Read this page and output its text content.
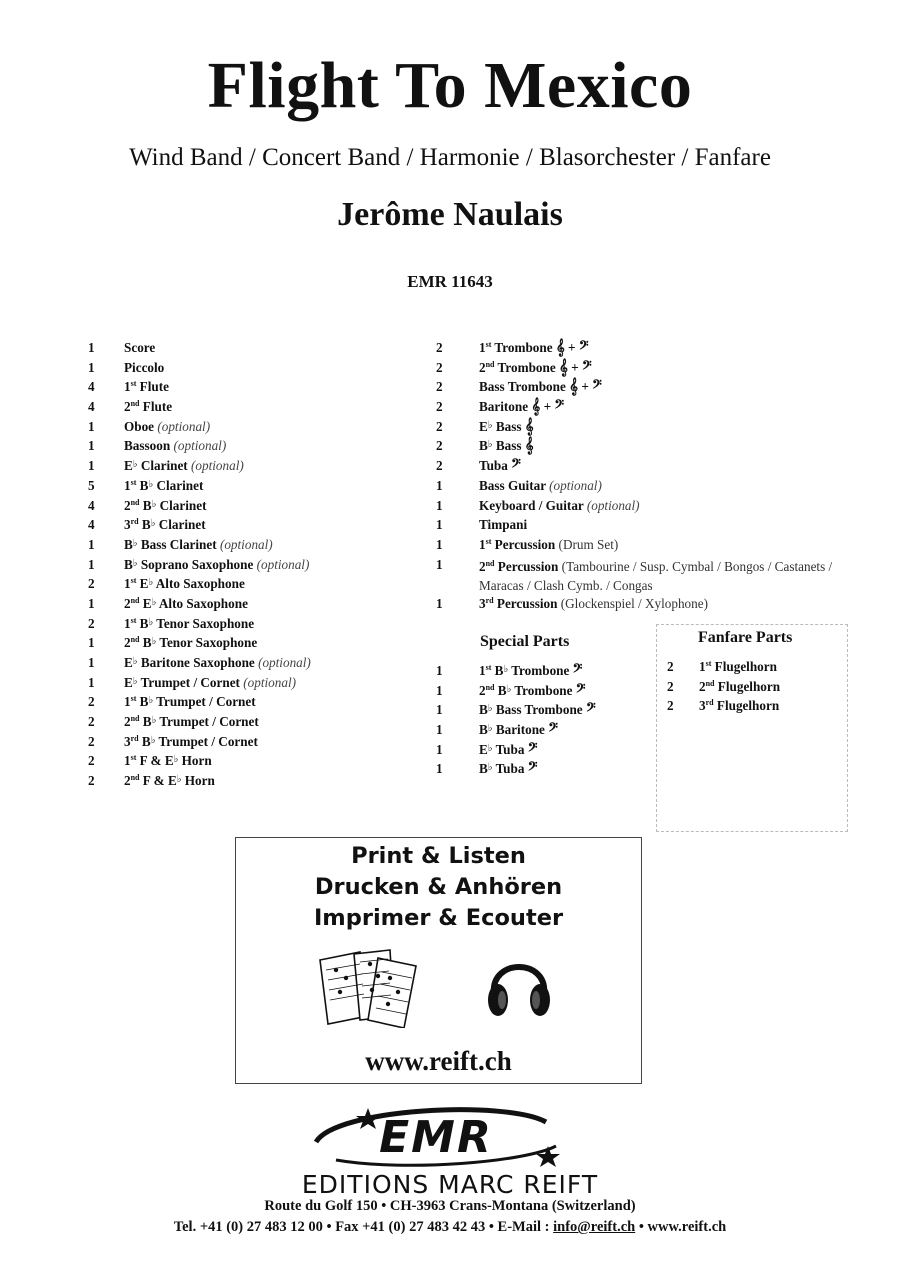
Flight To Mexico
Wind Band / Concert Band / Harmonie / Blasorchester / Fanfare
Jerôme Naulais
EMR 11643
1 Score
1 Piccolo
4 1st Flute
4 2nd Flute
1 Oboe (optional)
1 Bassoon (optional)
1 E♭ Clarinet (optional)
5 1st B♭ Clarinet
4 2nd B♭ Clarinet
4 3rd B♭ Clarinet
1 B♭ Bass Clarinet (optional)
1 B♭ Soprano Saxophone (optional)
2 1st E♭ Alto Saxophone
1 2nd E♭ Alto Saxophone
2 1st B♭ Tenor Saxophone
1 2nd B♭ Tenor Saxophone
1 E♭ Baritone Saxophone (optional)
1 E♭ Trumpet / Cornet (optional)
2 1st B♭ Trumpet / Cornet
2 2nd B♭ Trumpet / Cornet
2 3rd B♭ Trumpet / Cornet
2 1st F & E♭ Horn
2 2nd F & E♭ Horn
2	1st Trombone 𝄞 + 𝄢
2	2nd Trombone 𝄞 + 𝄢
2	Bass Trombone 𝄞 + 𝄢
2	Baritone 𝄞 + 𝄢
2	E♭ Bass 𝄞
2	B♭ Bass 𝄞
2	Tuba 𝄢
1	Bass Guitar (optional)
1	Keyboard / Guitar (optional)
1	Timpani
1	1st Percussion (Drum Set)
1	2nd Percussion (Tambourine / Susp. Cymbal / Bongos / Castanets / Maracas / Clash Cymb. / Congas
1	3rd Percussion (Glockenspiel / Xylophone)
Special Parts
1	1st B♭ Trombone 𝄢
1	2nd B♭ Trombone 𝄢
1	B♭ Bass Trombone 𝄢
1	B♭ Baritone 𝄢
1	E♭ Tuba 𝄢
1	B♭ Tuba 𝄢
Fanfare Parts
2 1st Flugelhorn
2 2nd Flugelhorn
2 3rd Flugelhorn
Print & Listen
Drucken & Anhören
Imprimer & Ecouter
www.reift.ch
EMR
EDITIONS MARC REIFT
Route du Golf 150 • CH-3963 Crans-Montana (Switzerland)
Tel. +41 (0) 27 483 12 00 • Fax +41 (0) 27 483 42 43 • E-Mail : info@reift.ch • www.reift.ch
